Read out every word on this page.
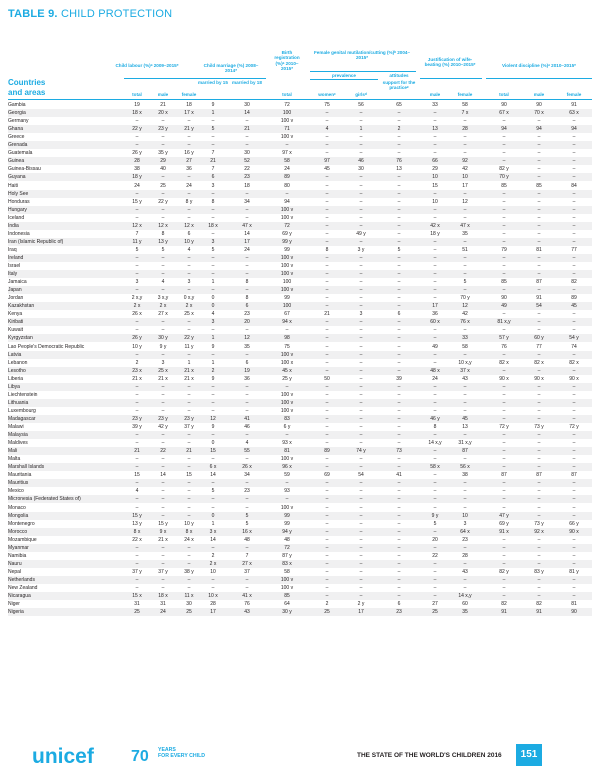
TABLE 9. CHILD PROTECTION
Child labour (%)ᵃ 2009–2015*	Child marriage (%) 2008–2014*
Birth registration (%)ᵃ 2010–2015*
Female genital mutilation/cutting (%)ᵇ 2004–2015*	Justification of wife-beating (%) 2010–2015*	Violent discipline (%)ᵃ 2010–2015*
prevalence	attitudes
Countries
and areas
married by 15 married by 18	support for the practiceᵉ
total	male	female	total	womenᶜ	girlsᵈ	male	female	total	male	female
Gambia	19	21	18	9	30	72	75	56	65	33	58	90	90	91
Georgia	18 x	20 x	17 x	1	14	100	–	–	–	–	7 x	67 x	70 x	63 x
Germany	–	–	–	–	–	100 v	–	–	–	–	–	–	–	–
Ghana	22 y	23 y	21 y	5	21	71	4	1	2	13	28	94	94	94
Greece	–	–	–	–	–	100 v	–	–	–	–	–	–	–	–
Grenada	–	–	–	–	–	–	–	–	–	–	–	–	–	–
Guatemala	26 y	35 y	16 y	7	30	97 x	–	–	–	–	–	–	–	–
Guinea	28	29	27	21	52	58	97	46	76	66	92	–	–	–
Guinea-Bissau	38	40	36	7	22	24	45	30	13	29	42	82 y	–	–
Guyana	18 y	–	–	6	23	89	–	–	–	10	10	70 y	–	–
Haiti	24	25	24	3	18	80	–	–	–	15	17	85	85	84
Holy See	–	–	–	–	–	–	–	–	–	–	–	–	–	–
Honduras	15 y	22 y	8 y	8	34	94	–	–	–	10	12	–	–	–
Hungary	–	–	–	–	–	100 v	–	–	–	–	–	–	–	–
Iceland	–	–	–	–	–	100 v	–	–	–	–	–	–	–	–
India	12 x	12 x	12 x	18 x	47 x	72	–	–	–	42 x	47 x	–	–	–
Indonesia	7	8	6	–	14	69 y	–	49 y	–	18 y	35	–	–	–
Iran (Islamic Republic of)	11 y	13 y	10 y	3	17	99 y	–	–	–	–	–	–	–	–
Iraq	5	5	4	5	24	99	8	3 y	5	–	51	79	81	77
Ireland	–	–	–	–	–	100 v	–	–	–	–	–	–	–	–
Israel	–	–	–	–	–	100 v	–	–	–	–	–	–	–	–
Italy	–	–	–	–	–	100 v	–	–	–	–	–	–	–	–
Jamaica	3	4	3	1	8	100	–	–	–	–	5	85	87	82
Japan	–	–	–	–	–	100 v	–	–	–	–	–	–	–	–
Jordan	2 x,y	3 x,y	0 x,y	0	8	99	–	–	–	–	70 y	90	91	89
Kazakhstan	2 x	2 x	2 x	0	6	100	–	–	–	17	12	49	54	45
Kenya	26 x	27 x	25 x	4	23	67	21	3	6	36	42	–	–	–
Kiribati	–	–	–	3	20	94 x	–	–	–	60 x	76 x	81 x,y	–	–
Kuwait	–	–	–	–	–	–	–	–	–	–	–	–	–	–
Kyrgyzstan	26 y	30 y	22 y	1	12	98	–	–	–	–	33	57 y	60 y	54 y
Lao People's Democratic Republic	10 y	9 y	11 y	9	35	75	–	–	–	49	58	76	77	74
Latvia	–	–	–	–	–	100 v	–	–	–	–	–	–	–	–
Lebanon	2	3	1	1	6	100 x	–	–	–	–	10 x,y	82 x	82 x	82 x
Lesotho	23 x	25 x	21 x	2	19	45 x	–	–	–	48 x	37 x	–	–	–
Liberia	21 x	21 x	21 x	9	36	25 y	50	–	39	24	43	90 x	90 x	90 x
Libya	–	–	–	–	–	–	–	–	–	–	–	–	–	–
Liechtenstein	–	–	–	–	–	100 v	–	–	–	–	–	–	–	–
Lithuania	–	–	–	–	–	100 v	–	–	–	–	–	–	–	–
Luxembourg	–	–	–	–	–	100 v	–	–	–	–	–	–	–	–
Madagascar	23 y	23 y	23 y	12	41	83	–	–	–	46 y	45	–	–	–
Malawi	39 y	42 y	37 y	9	46	6 y	–	–	–	8	13	72 y	73 y	72 y
Malaysia	–	–	–	–	–	–	–	–	–	–	–	–	–	–
Maldives	–	–	–	0	4	93 x	–	–	–	14 x,y	31 x,y	–	–	–
Mali	21	22	21	15	55	81	89	74 y	73	–	87	–	–	–
Malta	–	–	–	–	–	100 v	–	–	–	–	–	–	–	–
Marshall Islands	–	–	–	6 x	26 x	96 x	–	–	–	58 x	56 x	–	–	–
Mauritania	15	14	15	14	34	59	69	54	41	–	38	87	87	87
Mauritius	–	–	–	–	–	–	–	–	–	–	–	–	–	–
Mexico	4	–	–	5	23	93	–	–	–	–	–	–	–	–
Micronesia (Federated States of)	–	–	–	–	–	–	–	–	–	–	–	–	–	–
Monaco	–	–	–	–	–	100 v	–	–	–	–	–	–	–	–
Mongolia	15 y	–	–	0	5	99	–	–	–	9 y	10	47 y	–	–
Montenegro	13 y	15 y	10 y	1	5	99	–	–	–	5	3	69 y	73 y	66 y
Morocco	8 x	9 x	8 x	3 x	16 x	94 y	–	–	–	–	64 x	91 x	92 x	90 x
Mozambique	22 x	21 x	24 x	14	48	48	–	–	–	20	23	–	–	–
Myanmar	–	–	–	–	–	72	–	–	–	–	–	–	–	–
Namibia	–	–	–	2	7	87 y	–	–	–	22	28	–	–	–
Nauru	–	–	–	2 x	27 x	83 x	–	–	–	–	–	–	–	–
Nepal	37 y	37 y	38 y	10	37	58	–	–	–	–	43	82 y	83 y	81 y
Netherlands	–	–	–	–	–	100 v	–	–	–	–	–	–	–	–
New Zealand	–	–	–	–	–	100 v	–	–	–	–	–	–	–	–
Nicaragua	15 x	18 x	11 x	10 x	41 x	85	–	–	–	–	14 x,y	–	–	–
Niger	31	31	30	28	76	64	2	2 y	6	27	60	82	82	81
Nigeria	25	24	25	17	43	30 y	25	17	23	25	35	91	91	90
unicef 70 YEARS
FOR EVERY CHILD	THE STATE OF THE WORLD'S CHILDREN 2016	151
